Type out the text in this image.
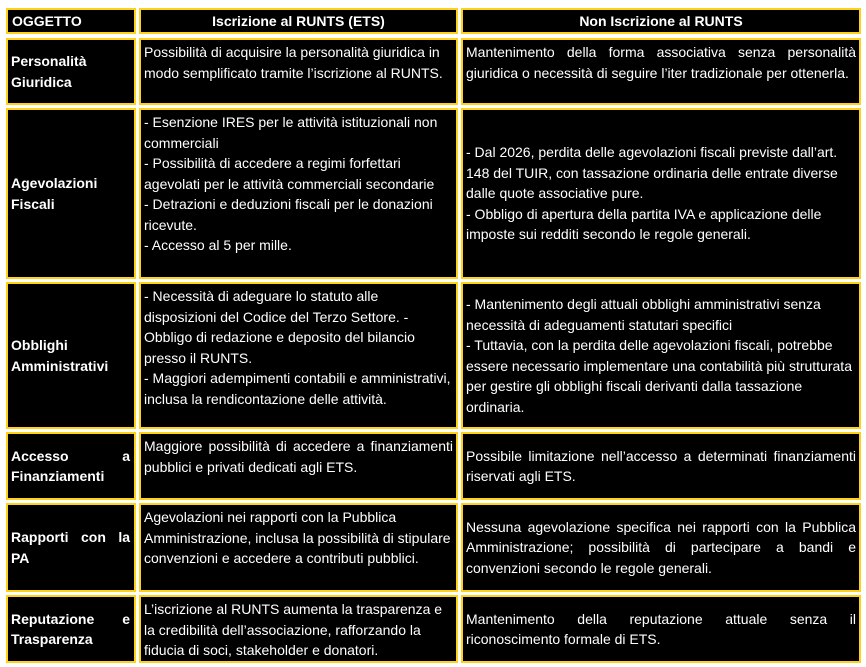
OGGETTO	Iscrizione al RUNTS (ETS)	Non Iscrizione al RUNTS
Personalità Giuridica
Possibilità di acquisire la personalità giuridica in modo semplificato tramite l’iscrizione al RUNTS.
Mantenimento della forma associativa senza personalità giuridica o necessità di seguire l’iter tradizionale per ottenerla.
Agevolazioni Fiscali
- Esenzione IRES per le attività istituzionali non commerciali
- Possibilità di accedere a regimi forfettari agevolati per le attività commerciali secondarie
- Detrazioni e deduzioni fiscali per le donazioni ricevute.
- Accesso al 5 per mille.
- Dal 2026, perdita delle agevolazioni fiscali previste dall’art. 148 del TUIR, con tassazione ordinaria delle entrate diverse dalle quote associative pure.
- Obbligo di apertura della partita IVA e applicazione delle imposte sui redditi secondo le regole generali.
Obblighi Amministrativi
- Necessità di adeguare lo statuto alle disposizioni del Codice del Terzo Settore. - Obbligo di redazione e deposito del bilancio presso il RUNTS.
- Maggiori adempimenti contabili e amministrativi, inclusa la rendicontazione delle attività.
- Mantenimento degli attuali obblighi amministrativi senza necessità di adeguamenti statutari specifici
- Tuttavia, con la perdita delle agevolazioni fiscali, potrebbe essere necessario implementare una contabilità più strutturata per gestire gli obblighi fiscali derivanti dalla tassazione ordinaria.
Accesso a Finanziamenti
Maggiore possibilità di accedere a finanziamenti pubblici e privati dedicati agli ETS.
Possibile limitazione nell’accesso a determinati finanziamenti riservati agli ETS.
Rapporti con la PA
Agevolazioni nei rapporti con la Pubblica Amministrazione, inclusa la possibilità di stipulare convenzioni e accedere a contributi pubblici.
Nessuna agevolazione specifica nei rapporti con la Pubblica Amministrazione; possibilità di partecipare a bandi e convenzioni secondo le regole generali.
Reputazione e Trasparenza
L’iscrizione al RUNTS aumenta la trasparenza e la credibilità dell’associazione, rafforzando la fiducia di soci, stakeholder e donatori.
Mantenimento della reputazione attuale senza il riconoscimento formale di ETS.
